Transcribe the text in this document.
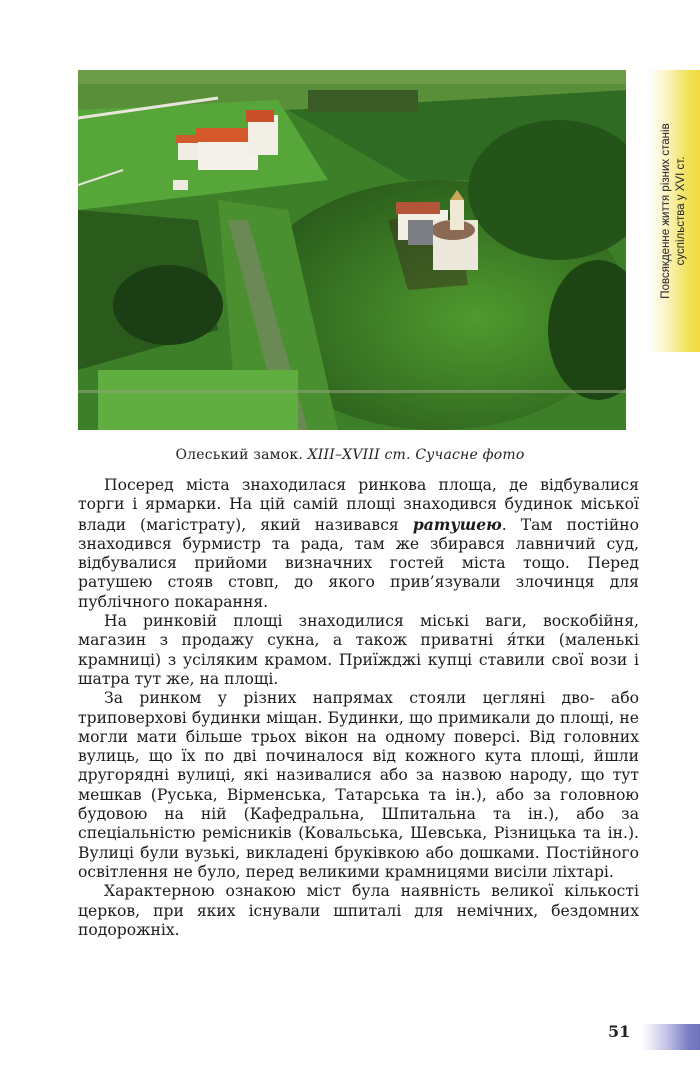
Повсякденне життя різних станів суспільства у XVI ст.
Олеський замок. XIII–XVIII ст. Сучасне фото

Посеред міста знаходилася ринкова площа, де відбувалися торги і ярмарки. На цій самій площі знаходився будинок міської влади (магістрату), який називався ратушею. Там постійно знаходився бурмистр та рада, там же збирався лавничий суд, відбувалися прийоми визначних гостей міста тощо. Перед ратушею стояв стовп, до якого прив’язували злочинця для публічного покарання.

На ринковій площі знаходилися міські ваги, воскобійня, магазин з продажу сукна, а також приватні я́тки (маленькі крамниці) з усіляким крамом. Приїжджі купці ставили свої вози і шатра тут же, на площі.

За ринком у різних напрямах стояли цегляні дво- або триповерхові будинки міщан. Будинки, що примикали до площі, не могли мати більше трьох вікон на одному поверсі. Від головних вулиць, що їх по дві починалося від кожного кута площі, йшли другорядні вулиці, які називалися або за назвою народу, що тут мешкав (Руська, Вірменська, Татарська та ін.), або за головною будовою на ній (Кафедральна, Шпитальна та ін.), або за спеціальністю ремісників (Ковальська, Шевська, Різницька та ін.). Вулиці були вузькі, викладені бруківкою або дошками. Постійного освітлення не було, перед великими крамницями висіли ліхтарі.

Характерною ознакою міст була наявність великої кількості церков, при яких існували шпиталі для немічних, бездомних подорожніх.

51
